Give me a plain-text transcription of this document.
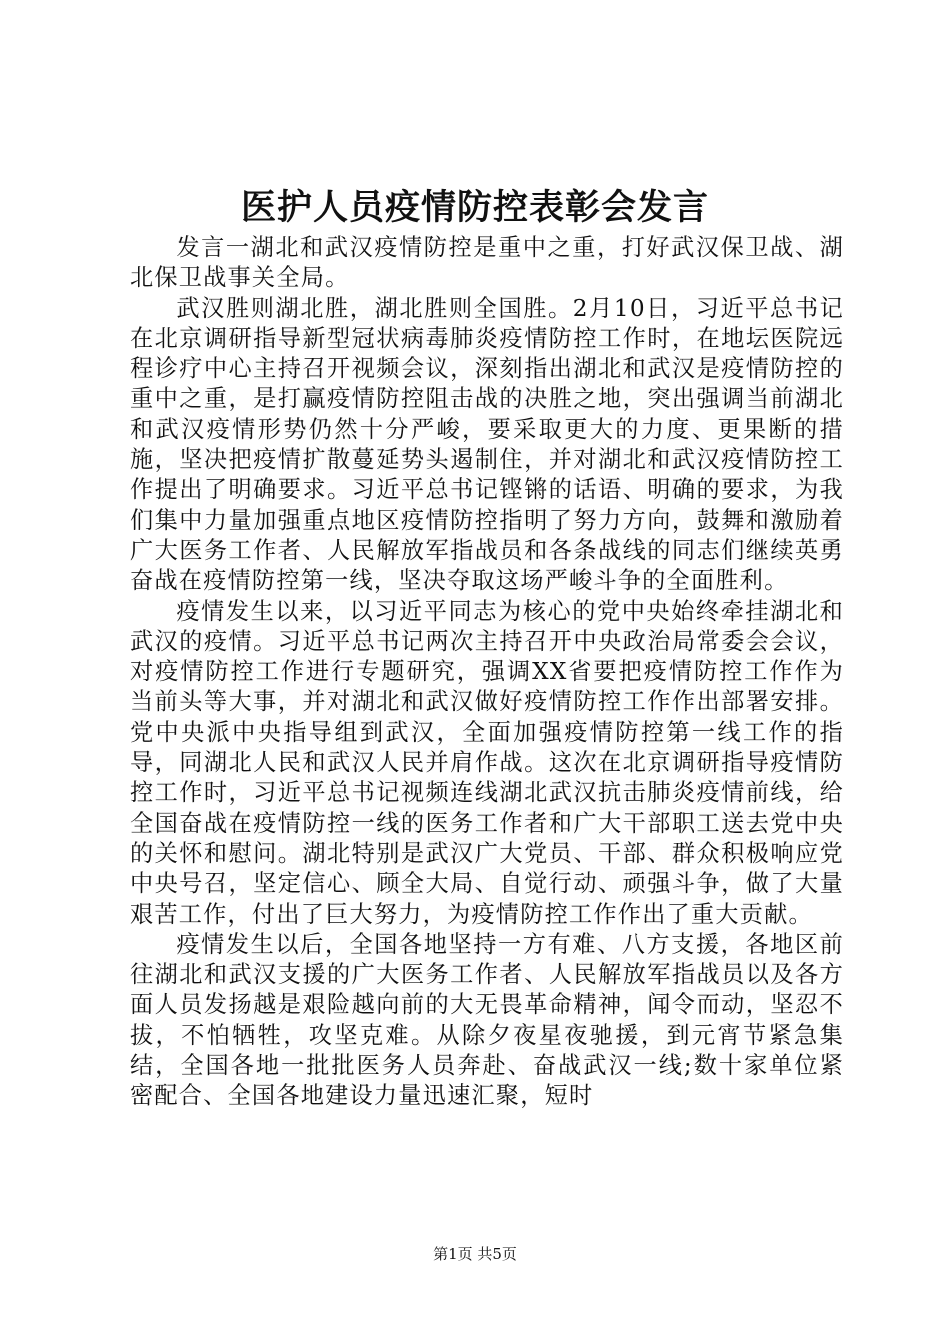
医护人员疫情防控表彰会发言

发言一湖北和武汉疫情防控是重中之重，打好武汉保卫战、湖北保卫战事关全局。

武汉胜则湖北胜，湖北胜则全国胜。2月10日，习近平总书记在北京调研指导新型冠状病毒肺炎疫情防控工作时，在地坛医院远程诊疗中心主持召开视频会议，深刻指出湖北和武汉是疫情防控的重中之重，是打赢疫情防控阻击战的决胜之地，突出强调当前湖北和武汉疫情形势仍然十分严峻，要采取更大的力度、更果断的措施，坚决把疫情扩散蔓延势头遏制住，并对湖北和武汉疫情防控工作提出了明确要求。习近平总书记铿锵的话语、明确的要求，为我们集中力量加强重点地区疫情防控指明了努力方向，鼓舞和激励着广大医务工作者、人民解放军指战员和各条战线的同志们继续英勇奋战在疫情防控第一线，坚决夺取这场严峻斗争的全面胜利。

疫情发生以来，以习近平同志为核心的党中央始终牵挂湖北和武汉的疫情。习近平总书记两次主持召开中央政治局常委会会议，对疫情防控工作进行专题研究，强调XX省要把疫情防控工作作为当前头等大事，并对湖北和武汉做好疫情防控工作作出部署安排。党中央派中央指导组到武汉，全面加强疫情防控第一线工作的指导，同湖北人民和武汉人民并肩作战。这次在北京调研指导疫情防控工作时，习近平总书记视频连线湖北武汉抗击肺炎疫情前线，给全国奋战在疫情防控一线的医务工作者和广大干部职工送去党中央的关怀和慰问。湖北特别是武汉广大党员、干部、群众积极响应党中央号召，坚定信心、顾全大局、自觉行动、顽强斗争，做了大量艰苦工作，付出了巨大努力，为疫情防控工作作出了重大贡献。

疫情发生以后，全国各地坚持一方有难、八方支援，各地区前往湖北和武汉支援的广大医务工作者、人民解放军指战员以及各方面人员发扬越是艰险越向前的大无畏革命精神，闻令而动，坚忍不拔，不怕牺牲，攻坚克难。从除夕夜星夜驰援，到元宵节紧急集结，全国各地一批批医务人员奔赴、奋战武汉一线;数十家单位紧密配合、全国各地建设力量迅速汇聚，短时

第1页 共5页
